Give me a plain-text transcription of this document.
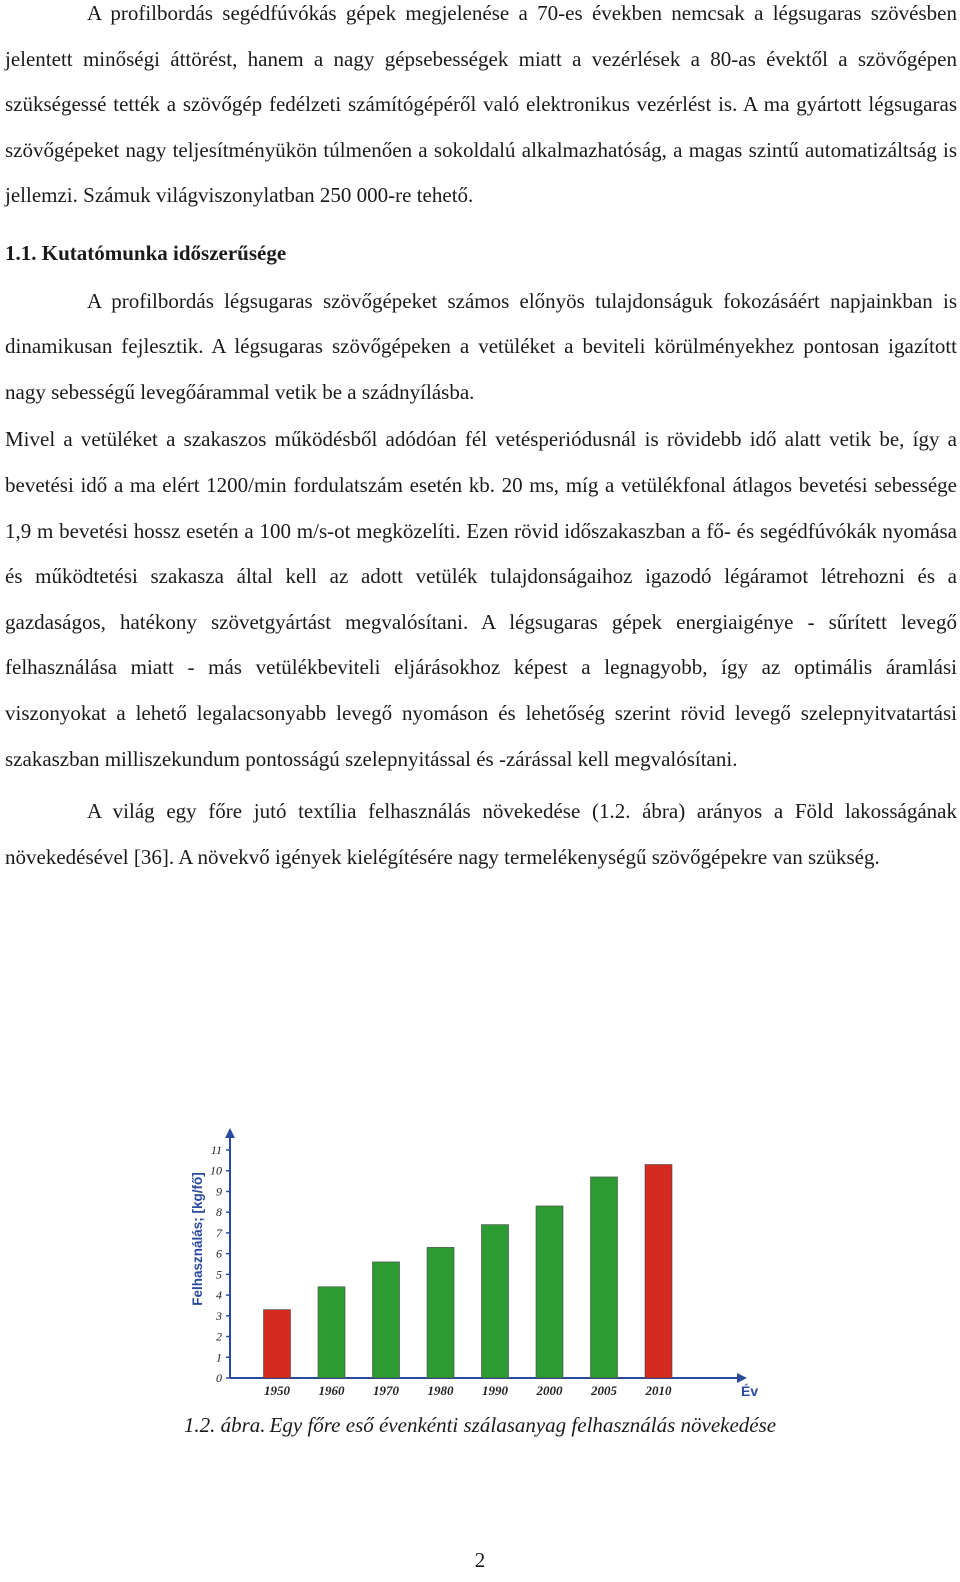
A profilbordás segédfúvókás gépek megjelenése a 70-es években nemcsak a légsugaras szövésben jelentett minőségi áttörést, hanem a nagy gépsebességek miatt a vezérlések a 80-as évektől a szövőgépen szükségessé tették a szövőgép fedélzeti számítógépéről való elektronikus vezérlést is. A ma gyártott légsugaras szövőgépeket nagy teljesítményükön túlmenően a sokoldalú alkalmazhatóság, a magas szintű automatizáltság is jellemzi. Számuk világviszonylatban 250 000-re tehető.

1.1. Kutatómunka időszerűsége

A profilbordás légsugaras szövőgépeket számos előnyös tulajdonságuk fokozásáért napjainkban is dinamikusan fejlesztik. A légsugaras szövőgépeken a vetüléket a beviteli körülményekhez pontosan igazított nagy sebességű levegőárammal vetik be a szádnyílásba.

Mivel a vetüléket a szakaszos működésből adódóan fél vetésperiódusnál is rövidebb idő alatt vetik be, így a bevetési idő a ma elért 1200/min fordulatszám esetén kb. 20 ms, míg a vetülékfonal átlagos bevetési sebessége 1,9 m bevetési hossz esetén a 100 m/s-ot megközelíti. Ezen rövid időszakaszban a fő- és segédfúvókák nyomása és működtetési szakasza által kell az adott vetülék tulajdonságaihoz igazodó légáramot létrehozni és a gazdaságos, hatékony szövetgyártást megvalósítani. A légsugaras gépek energiaigénye - sűrített levegő felhasználása miatt - más vetülékbeviteli eljárásokhoz képest a legnagyobb, így az optimális áramlási viszonyokat a lehető legalacsonyabb levegő nyomáson és lehetőség szerint rövid levegő szelepnyitvatartási szakaszban milliszekundum pontosságú szelepnyitással és -zárással kell megvalósítani.

A világ egy főre jutó textília felhasználás növekedése (1.2. ábra) arányos a Föld lakosságának növekedésével [36]. A növekvő igények kielégítésére nagy termelékenységű szövőgépekre van szükség.

0
1
2
3
4
5
6
7
8
9
10
11
1950 1960 1970 1980 1990 2000 2005 2010	Év
Felhasználás; [kg/fő]
1.2. ábra. Egy főre eső évenkénti szálasanyag felhasználás növekedése
2
